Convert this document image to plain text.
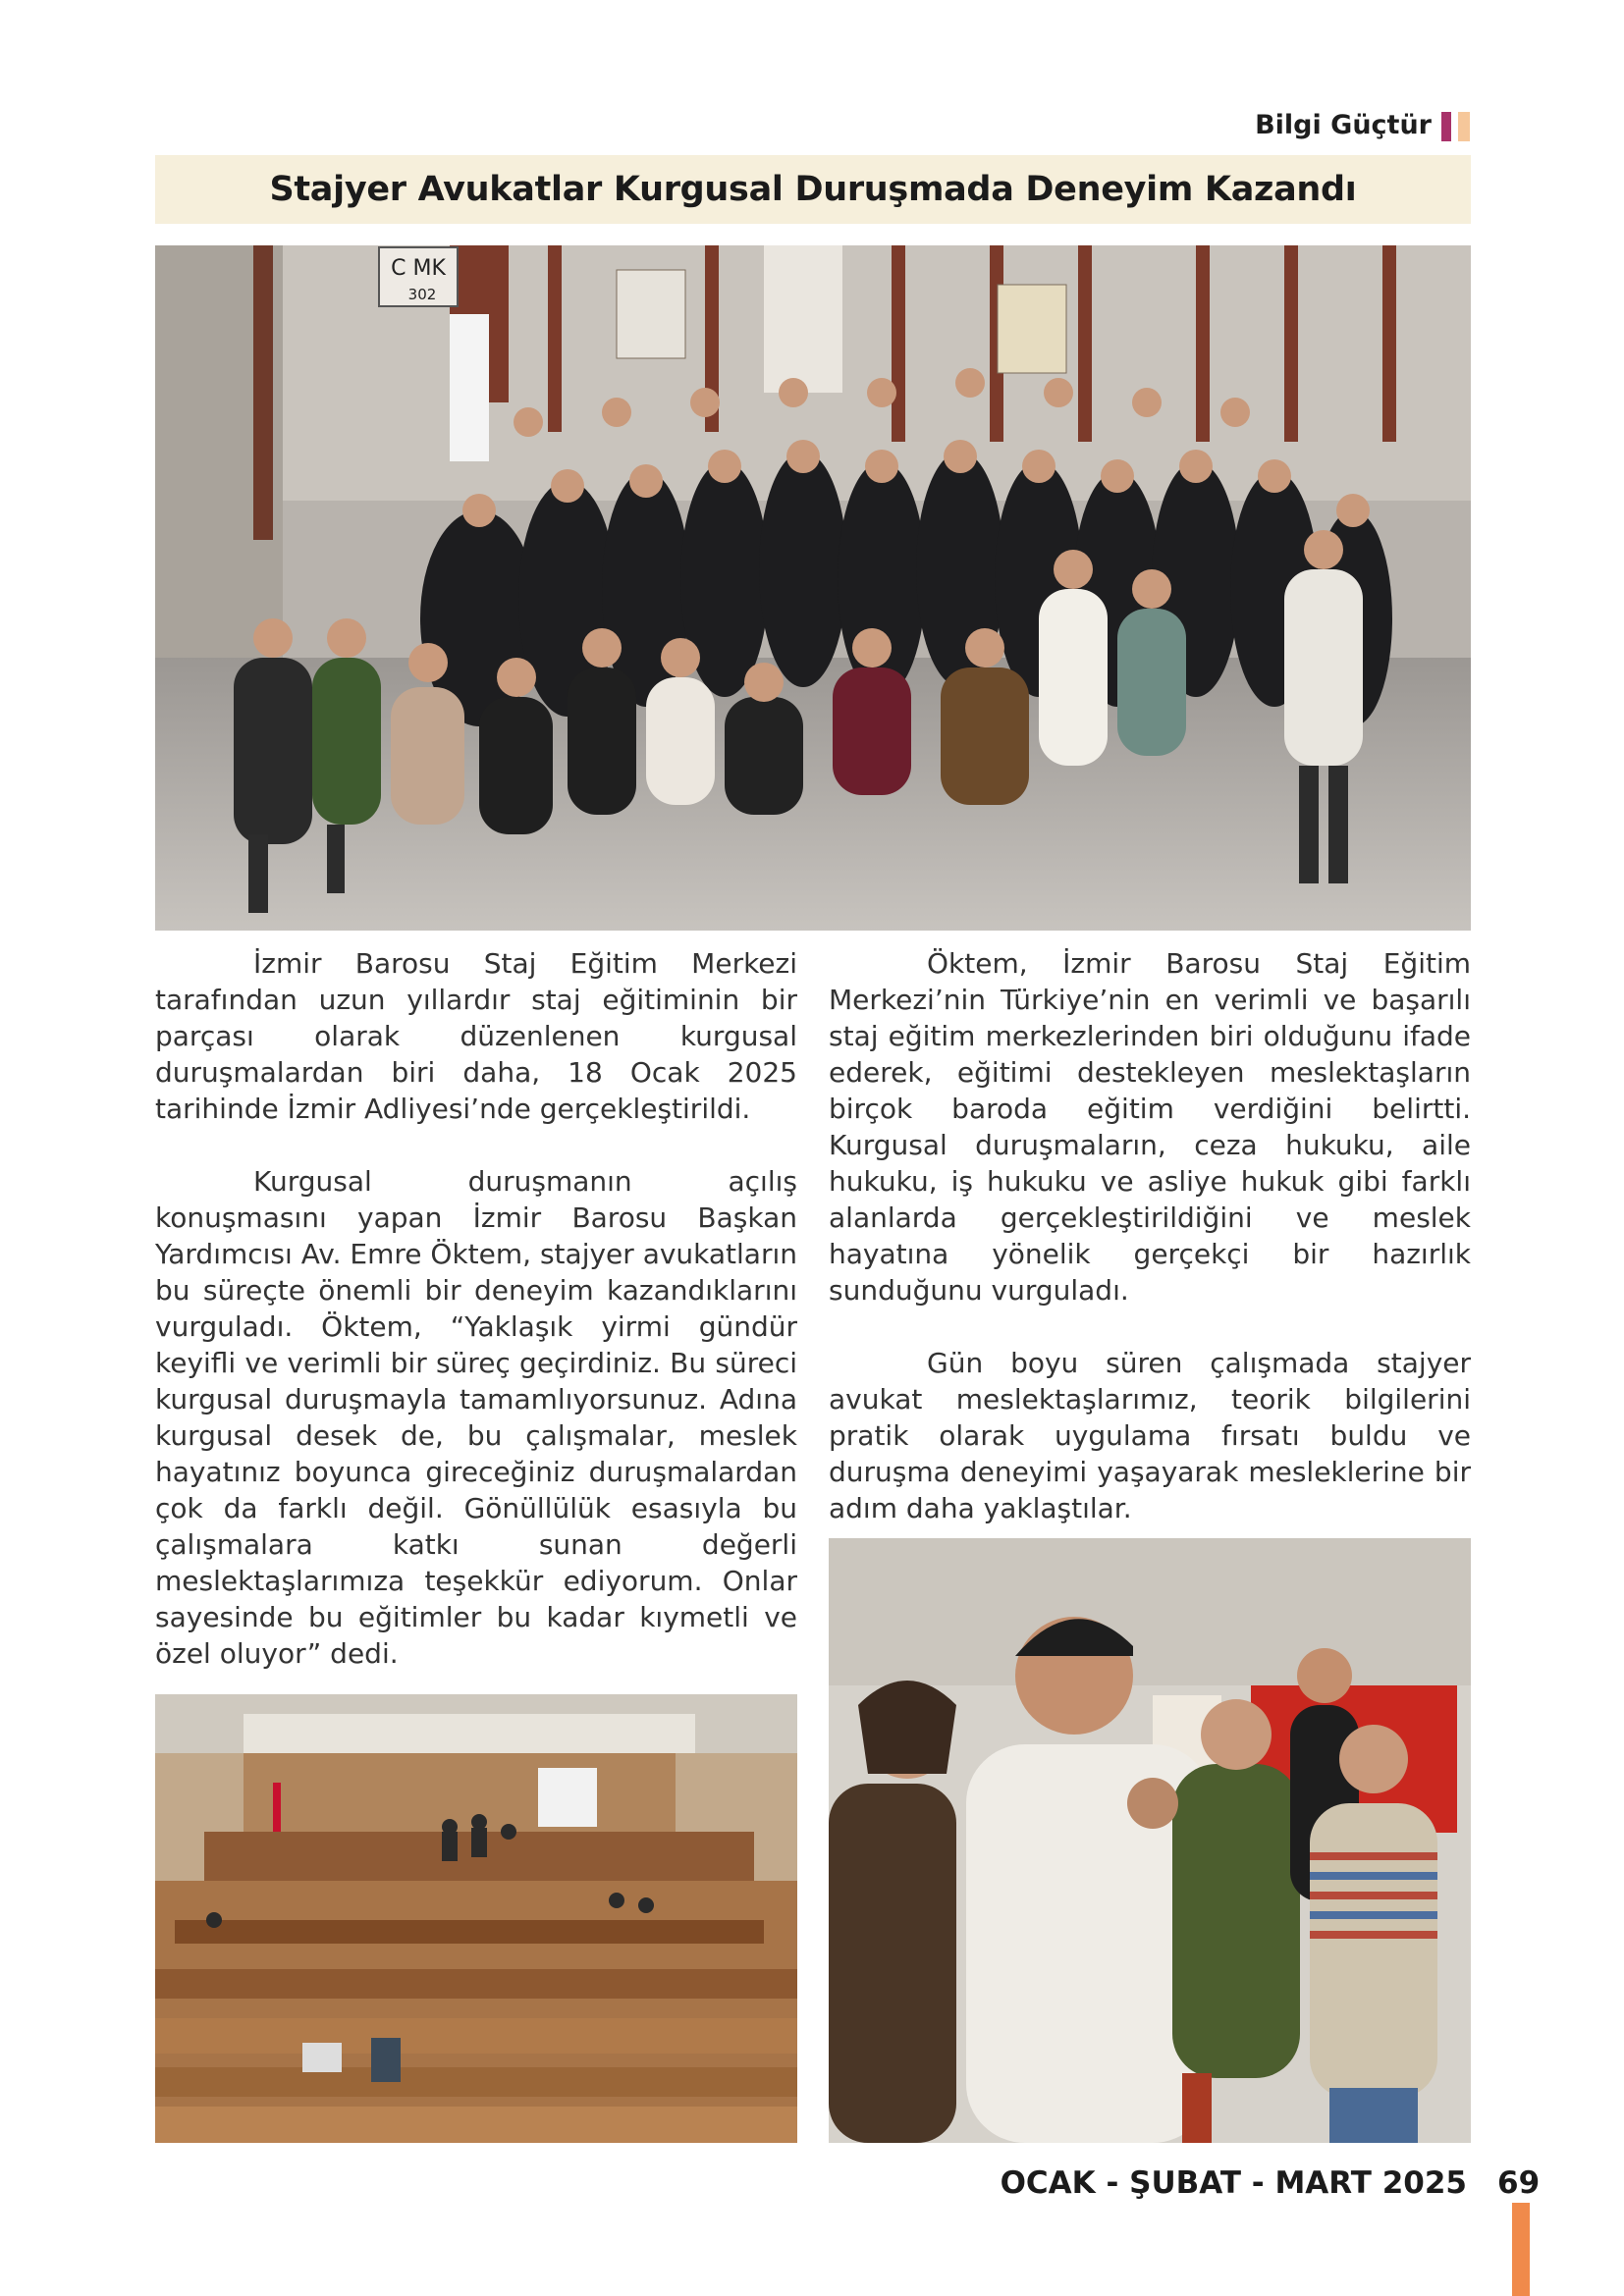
Bilgi Güçtür
Stajyer Avukatlar Kurgusal Duruşmada Deneyim Kazandı
C MK
302

İzmir Barosu Staj Eğitim Merkezi tarafından uzun yıllardır staj eğitiminin bir parçası olarak düzenlenen kurgusal duruşmalardan biri daha, 18 Ocak 2025 tarihinde İzmir Adliyesi’nde gerçekleştirildi.

Kurgusal duruşmanın açılış konuşmasını yapan İzmir Barosu Başkan Yardımcısı Av. Emre Öktem, stajyer avukatların bu süreçte önemli bir deneyim kazandıklarını vurguladı. Öktem, “Yaklaşık yirmi gündür keyifli ve verimli bir süreç geçirdiniz. Bu süreci kurgusal duruşmayla tamamlıyorsunuz. Adına kurgusal desek de, bu çalışmalar, meslek hayatınız boyunca gireceğiniz duruşmalardan çok da farklı değil. Gönüllülük esasıyla bu çalışmalara katkı sunan değerli meslektaşlarımıza teşekkür ediyorum. Onlar sayesinde bu eğitimler bu kadar kıymetli ve özel oluyor” dedi.

Öktem, İzmir Barosu Staj Eğitim Merkezi’nin Türkiye’nin en verimli ve başarılı staj eğitim merkezlerinden biri olduğunu ifade ederek, eğitimi destekleyen meslektaşların birçok baroda eğitim verdiğini belirtti. Kurgusal duruşmaların, ceza hukuku, aile hukuku, iş hukuku ve asliye hukuk gibi farklı alanlarda gerçekleştirildiğini ve meslek hayatına yönelik gerçekçi bir hazırlık sunduğunu vurguladı.

Gün boyu süren çalışmada stajyer avukat meslektaşlarımız, teorik bilgilerini pratik olarak uygulama fırsatı buldu ve duruşma deneyimi yaşayarak mesleklerine bir adım daha yaklaştılar.

OCAK - ŞUBAT - MART 2025 69
